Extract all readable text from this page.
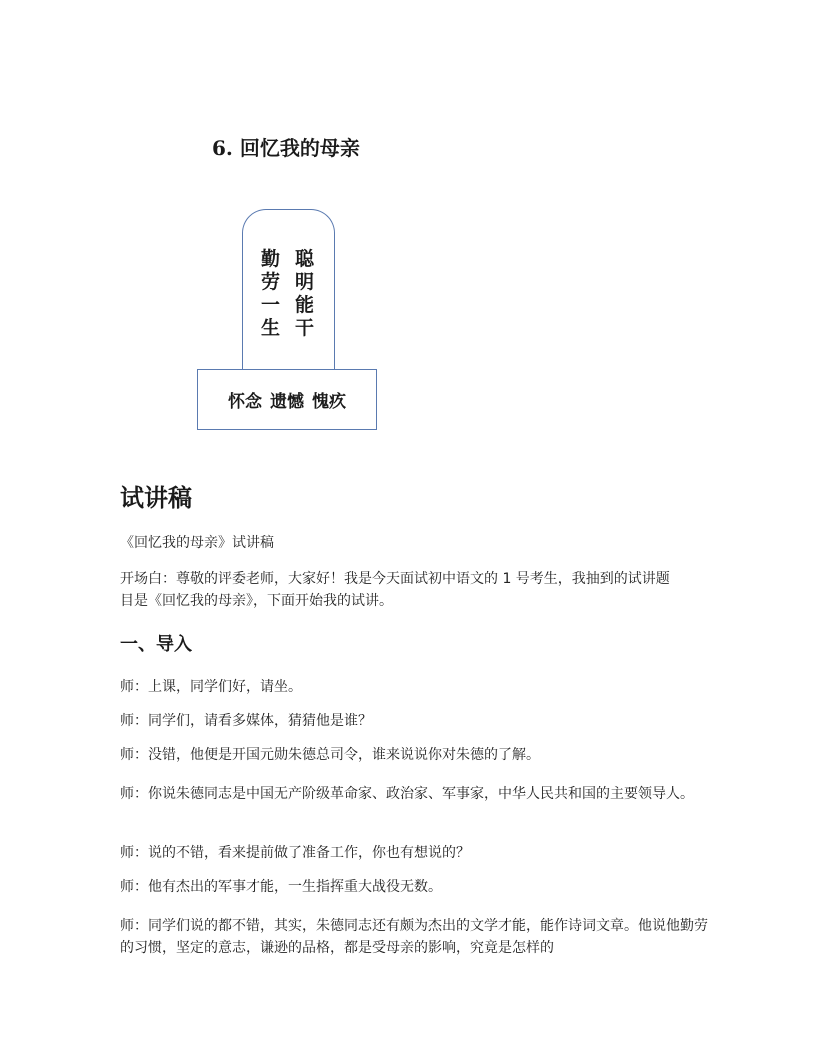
6. 回忆我的母亲
聪
明
能
干
勤
劳
一
生
怀念 遗憾 愧疚
试讲稿
《回忆我的母亲》试讲稿
开场白：尊敬的评委老师，大家好！我是今天面试初中语文的 1 号考生，我抽到的试讲题目是《回忆我的母亲》，下面开始我的试讲。
一、导入
师：上课，同学们好，请坐。
师：同学们，请看多媒体，猜猜他是谁？
师：没错，他便是开国元勋朱德总司令，谁来说说你对朱德的了解。
师：你说朱德同志是中国无产阶级革命家、政治家、军事家，中华人民共和国的主要领导人。
师：说的不错，看来提前做了准备工作，你也有想说的？
师：他有杰出的军事才能，一生指挥重大战役无数。
师：同学们说的都不错，其实，朱德同志还有颇为杰出的文学才能，能作诗词文章。他说他勤劳的习惯，坚定的意志，谦逊的品格，都是受母亲的影响，究竟是怎样的
